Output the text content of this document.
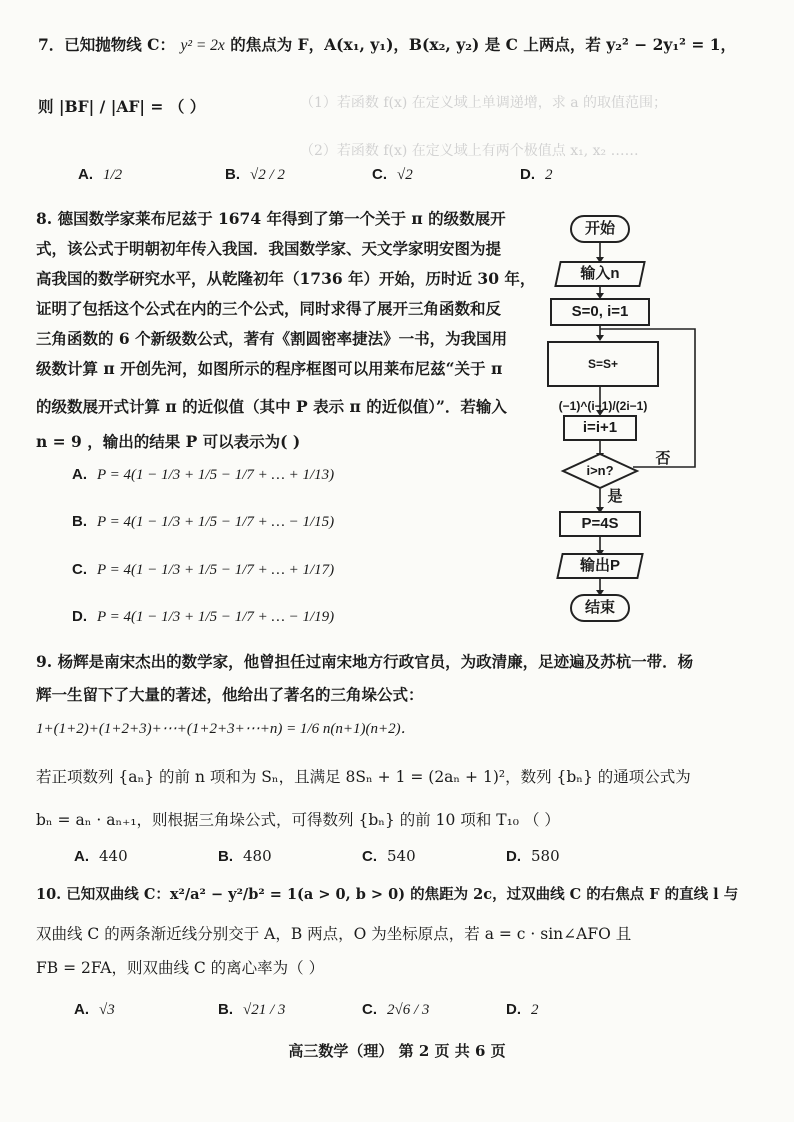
（1）若函数 f(x) 在定义域上单调递增，求 a 的取值范围；
（2）若函数 f(x) 在定义域上有两个极值点 x₁, x₂ ……
7．已知抛物线 C： y² = 2x 的焦点为 F，A(x₁, y₁)，B(x₂, y₂) 是 C 上两点，若 y₂² − 2y₁² = 1，
则 |BF| / |AF| = （ ）
A. 1/2	B. √2 / 2	C. √2	D. 2
8. 德国数学家莱布尼兹于 1674 年得到了第一个关于 π 的级数展开
式，该公式于明朝初年传入我国．我国数学家、天文学家明安图为提
高我国的数学研究水平，从乾隆初年（1736 年）开始，历时近 30 年，
证明了包括这个公式在内的三个公式，同时求得了展开三角函数和反
三角函数的 6 个新级数公式，著有《割圆密率捷法》一书，为我国用
级数计算 π 开创先河，如图所示的程序框图可以用莱布尼兹“关于 π
的级数展开式计算 π 的近似值（其中 P 表示 π 的近似值）”．若输入
n = 9 ，输出的结果 P 可以表示为( )
A. P = 4(1 − 1/3 + 1/5 − 1/7 + … + 1/13)
B. P = 4(1 − 1/3 + 1/5 − 1/7 + … − 1/15)
C. P = 4(1 − 1/3 + 1/5 − 1/7 + … + 1/17)
D. P = 4(1 − 1/3 + 1/5 − 1/7 + … − 1/19)
开始
输入n
S=0, i=1
S=S+(−1)^(i−1)/(2i−1)
i=i+1
i>n?
否
是
P=4S
输出P
结束
9. 杨辉是南宋杰出的数学家，他曾担任过南宋地方行政官员，为政清廉，足迹遍及苏杭一带．杨
辉一生留下了大量的著述，他给出了著名的三角垛公式：
1+(1+2)+(1+2+3)+⋯+(1+2+3+⋯+n) = 1/6 n(n+1)(n+2)．
若正项数列 {aₙ} 的前 n 项和为 Sₙ，且满足 8Sₙ + 1 = (2aₙ + 1)²，数列 {bₙ} 的通项公式为
bₙ = aₙ · aₙ₊₁，则根据三角垛公式，可得数列 {bₙ} 的前 10 项和 T₁₀ （ ）
A. 440	B. 480	C. 540	D. 580
10. 已知双曲线 C：x²/a² − y²/b² = 1(a > 0, b > 0) 的焦距为 2c，过双曲线 C 的右焦点 F 的直线 l 与
双曲线 C 的两条渐近线分别交于 A，B 两点，O 为坐标原点，若 a = c · sin∠AFO 且
FB = 2FA，则双曲线 C 的离心率为（ ）
A. √3	B. √21 / 3	C. 2√6 / 3	D. 2
高三数学（理） 第 2 页 共 6 页
